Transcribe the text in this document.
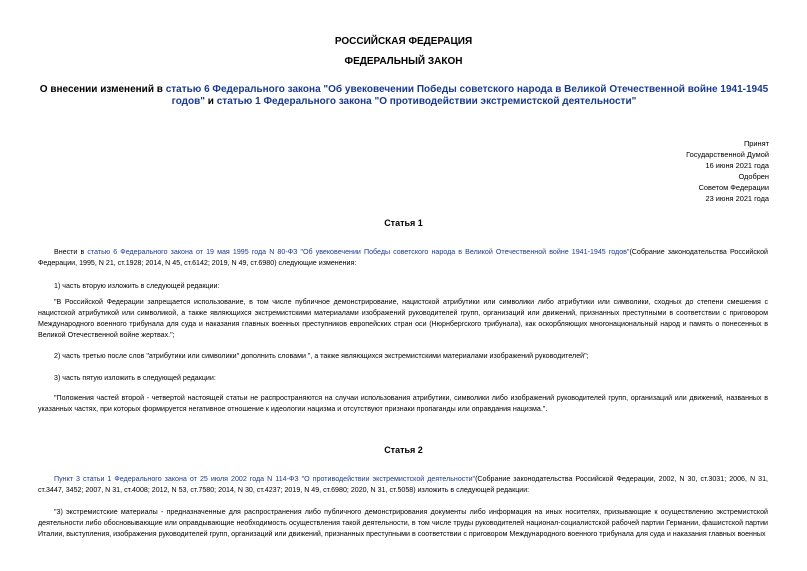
РОССИЙСКАЯ ФЕДЕРАЦИЯ
ФЕДЕРАЛЬНЫЙ ЗАКОН
О внесении изменений в статью 6 Федерального закона "Об увековечении Победы советского народа в Великой Отечественной войне 1941-1945 годов" и статью 1 Федерального закона "О противодействии экстремистской деятельности"
Принят
Государственной Думой
16 июня 2021 года
Одобрен
Советом Федерации
23 июня 2021 года
Статья 1
Внести в статью 6 Федерального закона от 19 мая 1995 года N 80-ФЗ "Об увековечении Победы советского народа в Великой Отечественной войне 1941-1945 годов"(Собрание законодательства Российской Федерации, 1995, N 21, ст.1928; 2014, N 45, ст.6142; 2019, N 49, ст.6980) следующие изменения:
1) часть вторую изложить в следующей редакции:
"В Российской Федерации запрещается использование, в том числе публичное демонстрирование, нацистской атрибутики или символики либо атрибутики или символики, сходных до степени смешения с нацистской атрибутикой или символикой, а также являющихся экстремистскими материалами изображений руководителей групп, организаций или движений, признанных преступными в соответствии с приговором Международного военного трибунала для суда и наказания главных военных преступников европейских стран оси (Нюрнбергского трибунала), как оскорбляющих многонациональный народ и память о понесенных в Великой Отечественной войне жертвах.";
2) часть третью после слов "атрибутики или символики" дополнить словами ", а также являющихся экстремистскими материалами изображений руководителей";
3) часть пятую изложить в следующей редакции:
"Положения частей второй - четвертой настоящей статьи не распространяются на случаи использования атрибутики, символики либо изображений руководителей групп, организаций или движений, названных в указанных частях, при которых формируется негативное отношение к идеологии нацизма и отсутствуют признаки пропаганды или оправдания нацизма.".
Статья 2
Пункт 3 статьи 1 Федерального закона от 25 июля 2002 года N 114-ФЗ "О противодействии экстремистской деятельности"(Собрание законодательства Российской Федерации, 2002, N 30, ст.3031; 2006, N 31, ст.3447, 3452; 2007, N 31, ст.4008; 2012, N 53, ст.7580; 2014, N 30, ст.4237; 2019, N 49, ст.6980; 2020, N 31, ст.5058) изложить в следующей редакции:
"3) экстремистские материалы - предназначенные для распространения либо публичного демонстрирования документы либо информация на иных носителях, призывающие к осуществлению экстремистской деятельности либо обосновывающие или оправдывающие необходимость осуществления такой деятельности, в том числе труды руководителей национал-социалистской рабочей партии Германии, фашистской партии Италии, выступления, изображения руководителей групп, организаций или движений, признанных преступными в соответствии с приговором Международного военного трибунала для суда и наказания главных военных
